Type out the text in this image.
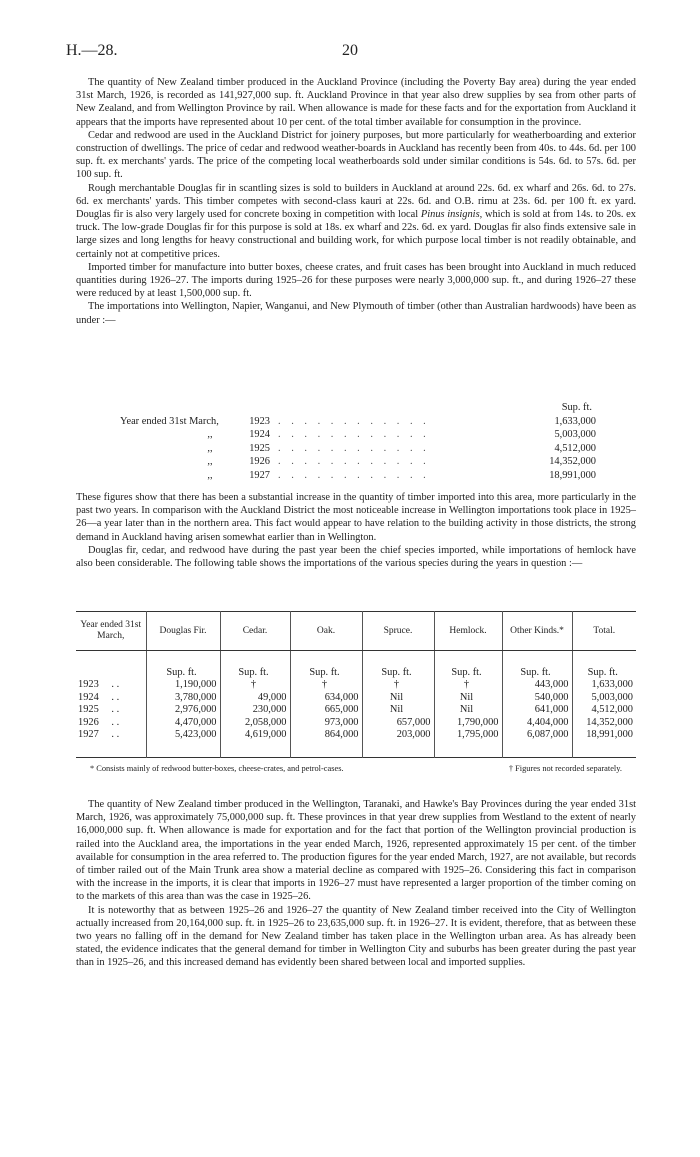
H.—28.	20

The quantity of New Zealand timber produced in the Auckland Province (including the Poverty Bay area) during the year ended 31st March, 1926, is recorded as 141,927,000 sup. ft. Auckland Province in that year also drew supplies by sea from other parts of New Zealand, and from Wellington Province by rail. When allowance is made for these facts and for the exportation from Auckland it appears that the imports have represented about 10 per cent. of the total timber available for consumption in the province.

Cedar and redwood are used in the Auckland District for joinery purposes, but more particularly for weatherboarding and exterior construction of dwellings. The price of cedar and redwood weather-boards in Auckland has recently been from 40s. to 44s. 6d. per 100 sup. ft. ex merchants' yards. The price of the competing local weatherboards sold under similar conditions is 54s. 6d. to 57s. 6d. per 100 sup. ft.

Rough merchantable Douglas fir in scantling sizes is sold to builders in Auckland at around 22s. 6d. ex wharf and 26s. 6d. to 27s. 6d. ex merchants' yards. This timber competes with second-class kauri at 22s. 6d. and O.B. rimu at 23s. 6d. per 100 ft. ex yard. Douglas fir is also very largely used for concrete boxing in competition with local Pinus insignis, which is sold at from 14s. to 20s. ex truck. The low-grade Douglas fir for this purpose is sold at 18s. ex wharf and 22s. 6d. ex yard. Douglas fir also finds extensive sale in large sizes and long lengths for heavy constructional and building work, for which purpose local timber is not readily obtainable, and certainly not at competitive prices.

Imported timber for manufacture into butter boxes, cheese crates, and fruit cases has been brought into Auckland in much reduced quantities during 1926–27. The imports during 1925–26 for these purposes were nearly 3,000,000 sup. ft., and during 1926–27 these were reduced by at least 1,500,000 sup. ft.

The importations into Wellington, Napier, Wanganui, and New Plymouth of timber (other than Australian hardwoods) have been as under :—

Sup. ft.
Year ended 31st March,	1923 . . . . . . . . . . . .	1,633,000
,,	1924 . . . . . . . . . . . .	5,003,000
,,	1925 . . . . . . . . . . . .	4,512,000
,,	1926 . . . . . . . . . . . .	14,352,000
,,	1927 . . . . . . . . . . . .	18,991,000

These figures show that there has been a substantial increase in the quantity of timber imported into this area, more particularly in the past two years. In comparison with the Auckland District the most noticeable increase in Wellington importations took place in 1925–26—a year later than in the northern area. This fact would appear to have relation to the building activity in those districts, the strong demand in Auckland having arisen somewhat earlier than in Wellington.

Douglas fir, cedar, and redwood have during the past year been the chief species imported, while importations of hemlock have also been considerable. The following table shows the importations of the various species during the years in question :—

Year ended 31st March,	Douglas Fir.	Cedar.	Oak.	Spruce.	Hemlock.	Other Kinds.*	Total.
	Sup. ft.	Sup. ft.	Sup. ft.	Sup. ft.	Sup. ft.	Sup. ft.	Sup. ft.
1923 . .	1,190,000	†	†	†	†	443,000	1,633,000
1924 . .	3,780,000	49,000	634,000	Nil	Nil	540,000	5,003,000
1925 . .	2,976,000	230,000	665,000	Nil	Nil	641,000	4,512,000
1926 . .	4,470,000	2,058,000	973,000	657,000	1,790,000	4,404,000	14,352,000
1927 . .	5,423,000	4,619,000	864,000	203,000	1,795,000	6,087,000	18,991,000
* Consists mainly of redwood butter-boxes, cheese-crates, and petrol-cases.	† Figures not recorded separately.

The quantity of New Zealand timber produced in the Wellington, Taranaki, and Hawke's Bay Provinces during the year ended 31st March, 1926, was approximately 75,000,000 sup. ft. These provinces in that year drew supplies from Westland to the extent of nearly 16,000,000 sup. ft. When allowance is made for exportation and for the fact that portion of the Wellington provincial production is railed into the Auckland area, the importations in the year ended March, 1926, represented approximately 15 per cent. of the timber available for consumption in the area referred to. The production figures for the year ended March, 1927, are not available, but records of timber railed out of the Main Trunk area show a material decline as compared with 1925–26. Considering this fact in comparison with the increase in the imports, it is clear that imports in 1926–27 must have represented a larger proportion of the timber coming on to the markets of this area than was the case in 1925–26.

It is noteworthy that as between 1925–26 and 1926–27 the quantity of New Zealand timber received into the City of Wellington actually increased from 20,164,000 sup. ft. in 1925–26 to 23,635,000 sup. ft. in 1926–27. It is evident, therefore, that as between these two years no falling off in the demand for New Zealand timber has taken place in the Wellington urban area. As has already been stated, the evidence indicates that the general demand for timber in Wellington City and suburbs has been greater during the past year than in 1925–26, and this increased demand has evidently been shared between local and imported supplies.
